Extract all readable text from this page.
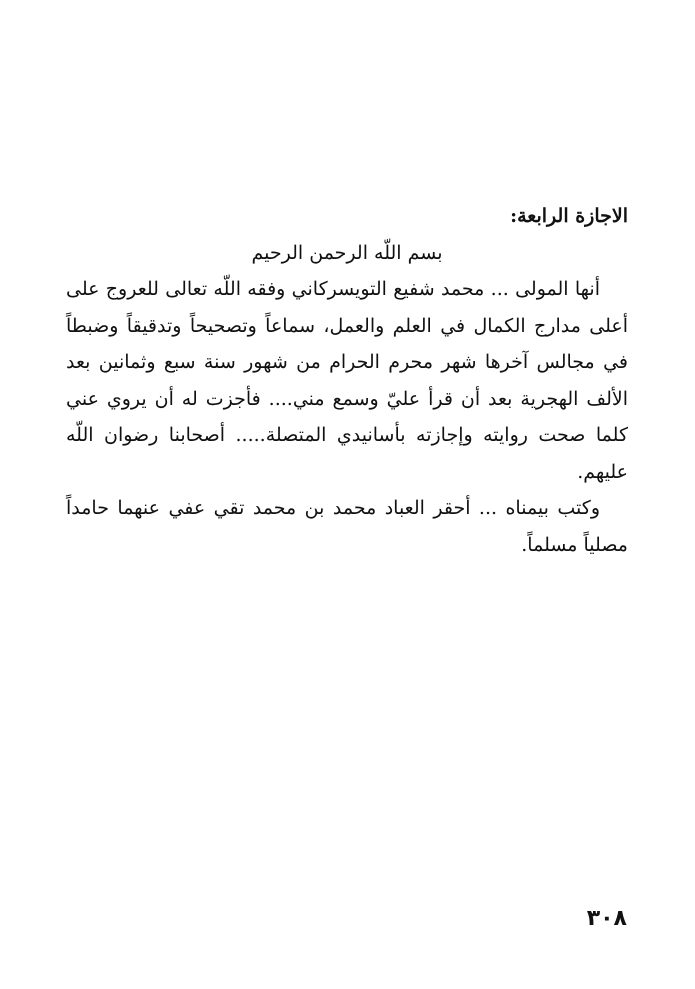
الاجازة الرابعة:

بسم اللّه الرحمن الرحيم

أنها المولى ... محمد شفيع التويسركاني وفقه اللّه تعالى للعروج على أعلى مدارج الكمال في العلم والعمل، سماعاً وتصحيحاً وتدقيقاً وضبطاً في مجالس آخرها شهر محرم الحرام من شهور سنة سبع وثمانين بعد الألف الهجرية بعد أن قرأ عليّ وسمع مني.... فأجزت له أن يروي عني كلما صحت روايته وإجازته بأسانيدي المتصلة..... أصحابنا رضوان اللّه عليهم.

وكتب بيمناه ... أحقر العباد محمد بن محمد تقي عفي عنهما حامداً مصلياً مسلماً.

٣٠٨
